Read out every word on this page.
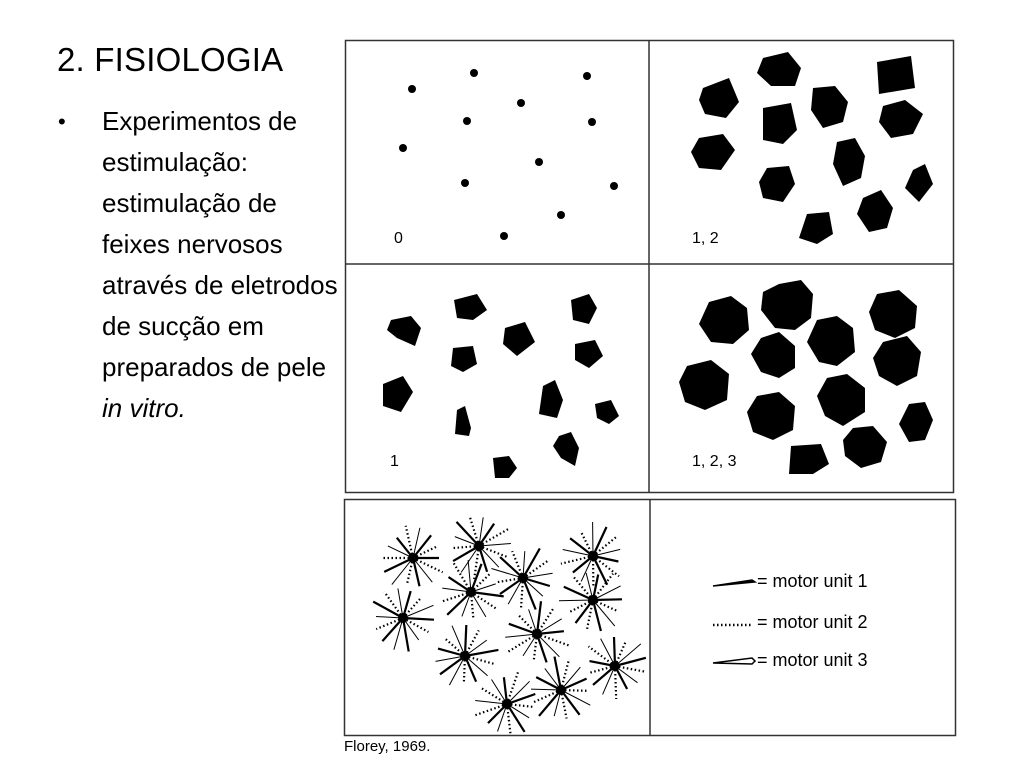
2. FISIOLOGIA
• Experimentos de estimulação: estimulação de feixes nervosos através de eletrodos de sucção em preparados de pele in vitro.
0	1, 2
1	1, 2, 3
= motor unit 1
= motor unit 2
= motor unit 3
Florey, 1969.
